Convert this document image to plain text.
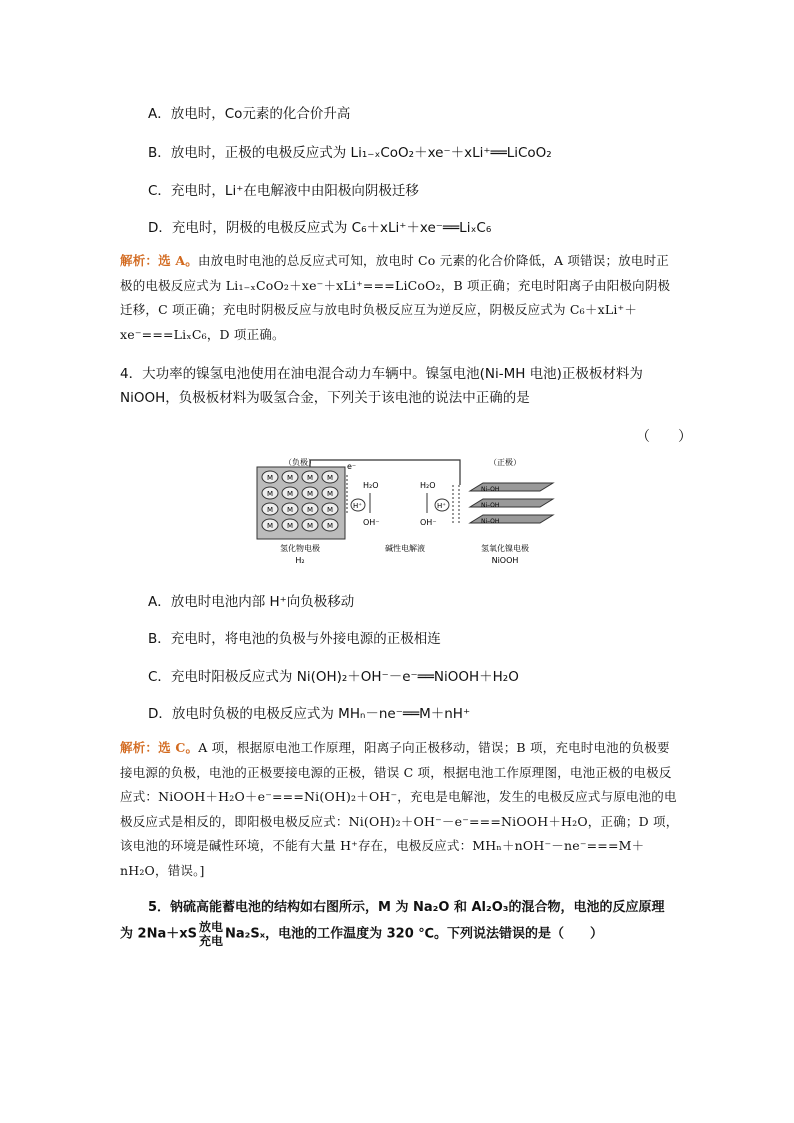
A．放电时，Co元素的化合价升高
B．放电时，正极的电极反应式为 Li₁₋ₓCoO₂＋xe⁻＋xLi⁺══LiCoO₂
C．充电时，Li⁺在电解液中由阳极向阴极迁移
D．充电时，阴极的电极反应式为 C₆＋xLi⁺＋xe⁻══LiₓC₆
解析：选 A。由放电时电池的总反应式可知，放电时 Co 元素的化合价降低，A 项错误；放电时正极的电极反应式为 Li₁₋ₓCoO₂＋xe⁻＋xLi⁺===LiCoO₂，B 项正确；充电时阳离子由阳极向阴极迁移，C 项正确；充电时阴极反应与放电时负极反应互为逆反应，阴极反应式为 C₆＋xLi⁺＋xe⁻===LiₓC₆，D 项正确。
4．大功率的镍氢电池使用在油电混合动力车辆中。镍氢电池(Ni-MH 电池)正极板材料为 NiOOH，负极板材料为吸氢合金，下列关于该电池的说法中正确的是
（　　）
（负极）
M M M M
M M M M
M M M M
M M M M
e⁻
H⁺
H₂O
OH⁻
H₂O
OH⁻
H⁺
（正极）
Ni–OH
Ni–OH
Ni–OH
氢化物电极
H₂
碱性电解液	氢氧化镍电极
NiOOH
A．放电时电池内部 H⁺向负极移动
B．充电时，将电池的负极与外接电源的正极相连
C．充电时阳极反应式为 Ni(OH)₂＋OH⁻－e⁻══NiOOH＋H₂O
D．放电时负极的电极反应式为 MHₙ－ne⁻══M＋nH⁺
解析：选 C。A 项，根据原电池工作原理，阳离子向正极移动，错误；B 项，充电时电池的负极要接电源的负极，电池的正极要接电源的正极，错误 C 项，根据电池工作原理图，电池正极的电极反应式：NiOOH＋H₂O＋e⁻===Ni(OH)₂＋OH⁻，充电是电解池，发生的电极反应式与原电池的电极反应式是相反的，即阳极电极反应式：Ni(OH)₂＋OH⁻－e⁻===NiOOH＋H₂O，正确；D 项，该电池的环境是碱性环境，不能有大量 H⁺存在，电极反应式：MHₙ＋nOH⁻－ne⁻===M＋nH₂O，错误。]
5．钠硫高能蓄电池的结构如右图所示，M 为 Na₂O 和 Al₂O₃的混合物，电池的反应原理
为 2Na＋xS 放电
充电 Na₂Sₓ，电池的工作温度为 320 ℃。下列说法错误的是（　　）
